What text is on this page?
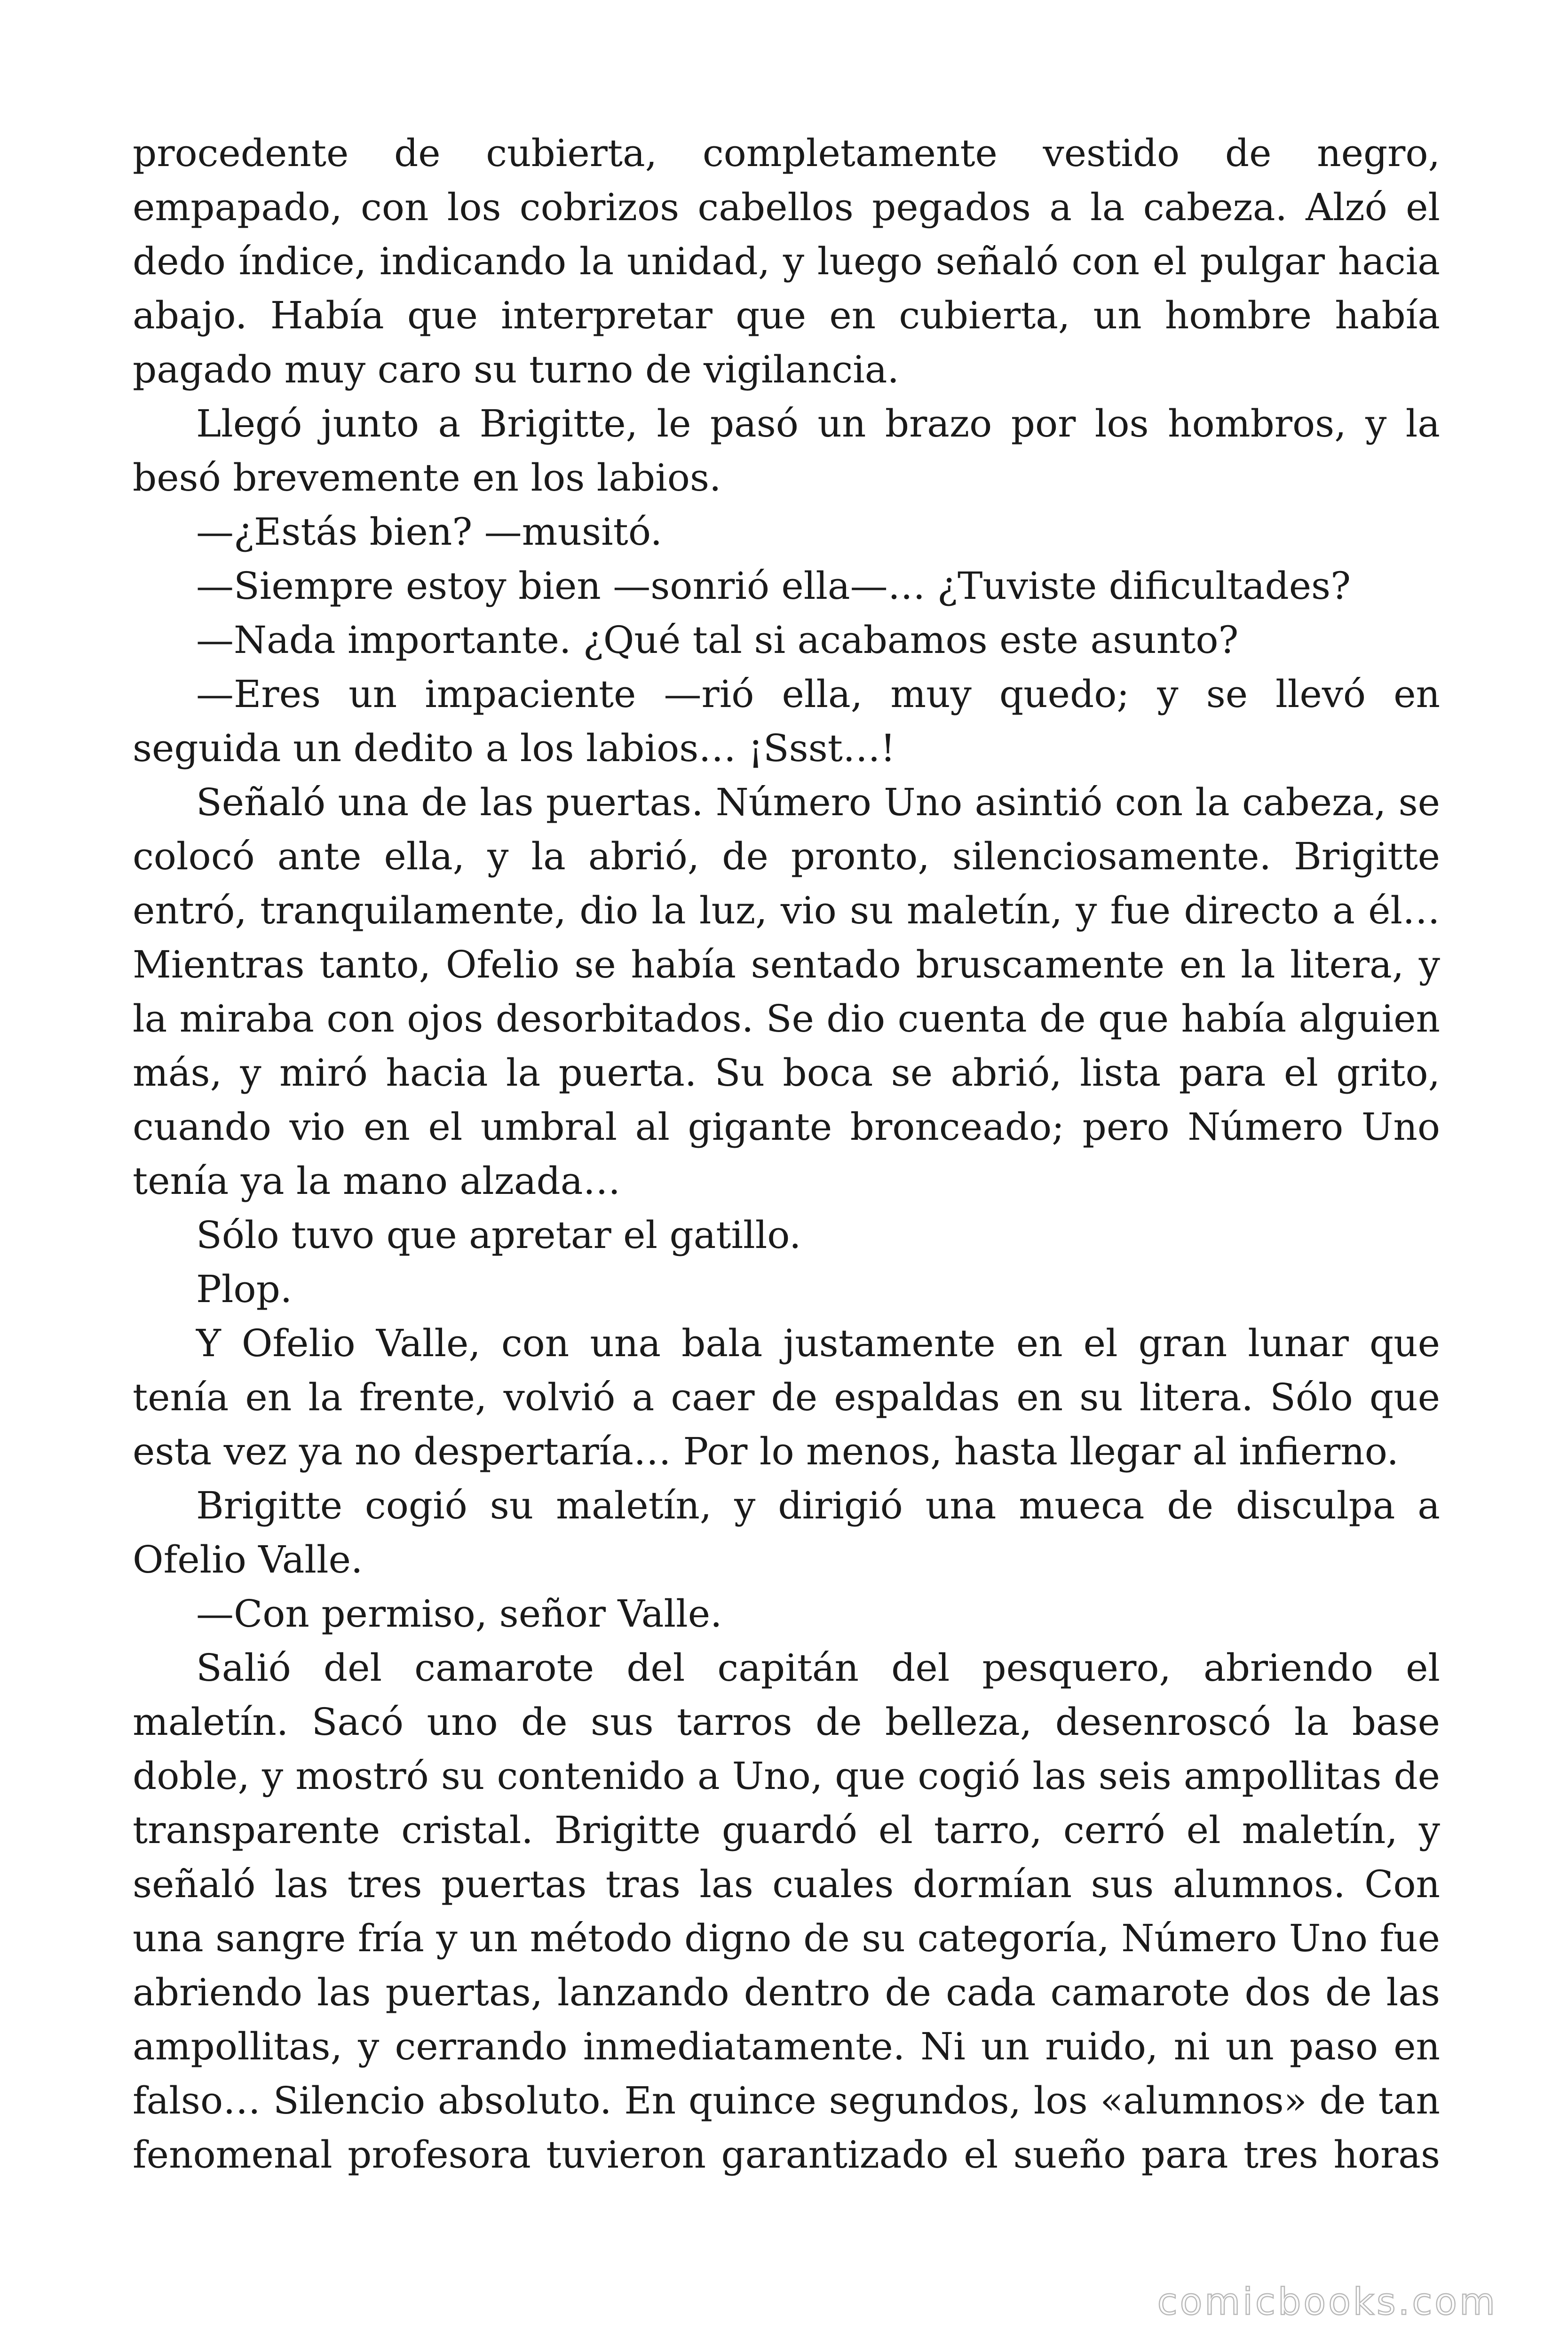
procedente de cubierta, completamente vestido de negro, empapado, con los cobrizos cabellos pegados a la cabeza. Alzó el dedo índice, indicando la unidad, y luego señaló con el pulgar hacia abajo. Había que interpretar que en cubierta, un hombre había pagado muy caro su turno de vigilancia.

Llegó junto a Brigitte, le pasó un brazo por los hombros, y la besó brevemente en los labios.

—¿Estás bien? —musitó.

—Siempre estoy bien —sonrió ella—… ¿Tuviste dificultades?

—Nada importante. ¿Qué tal si acabamos este asunto?

—Eres un impaciente —rió ella, muy quedo; y se llevó en seguida un dedito a los labios… ¡Ssst…!

Señaló una de las puertas. Número Uno asintió con la cabeza, se colocó ante ella, y la abrió, de pronto, silenciosamente. Brigitte entró, tranquilamente, dio la luz, vio su maletín, y fue directo a él… Mientras tanto, Ofelio se había sentado bruscamente en la litera, y la miraba con ojos desorbitados. Se dio cuenta de que había alguien más, y miró hacia la puerta. Su boca se abrió, lista para el grito, cuando vio en el umbral al gigante bronceado; pero Número Uno tenía ya la mano alzada…

Sólo tuvo que apretar el gatillo.

Plop.

Y Ofelio Valle, con una bala justamente en el gran lunar que tenía en la frente, volvió a caer de espaldas en su litera. Sólo que esta vez ya no despertaría… Por lo menos, hasta llegar al infierno.

Brigitte cogió su maletín, y dirigió una mueca de disculpa a Ofelio Valle.

—Con permiso, señor Valle.

Salió del camarote del capitán del pesquero, abriendo el maletín. Sacó uno de sus tarros de belleza, desenroscó la base doble, y mostró su contenido a Uno, que cogió las seis ampollitas de transparente cristal. Brigitte guardó el tarro, cerró el maletín, y señaló las tres puertas tras las cuales dormían sus alumnos. Con una sangre fría y un método digno de su categoría, Número Uno fue abriendo las puertas, lanzando dentro de cada camarote dos de las ampollitas, y cerrando inmediatamente. Ni un ruido, ni un paso en falso… Silencio absoluto. En quince segundos, los «alumnos» de tan fenomenal profesora tuvieron garantizado el sueño para tres horas

comicbooks.com
